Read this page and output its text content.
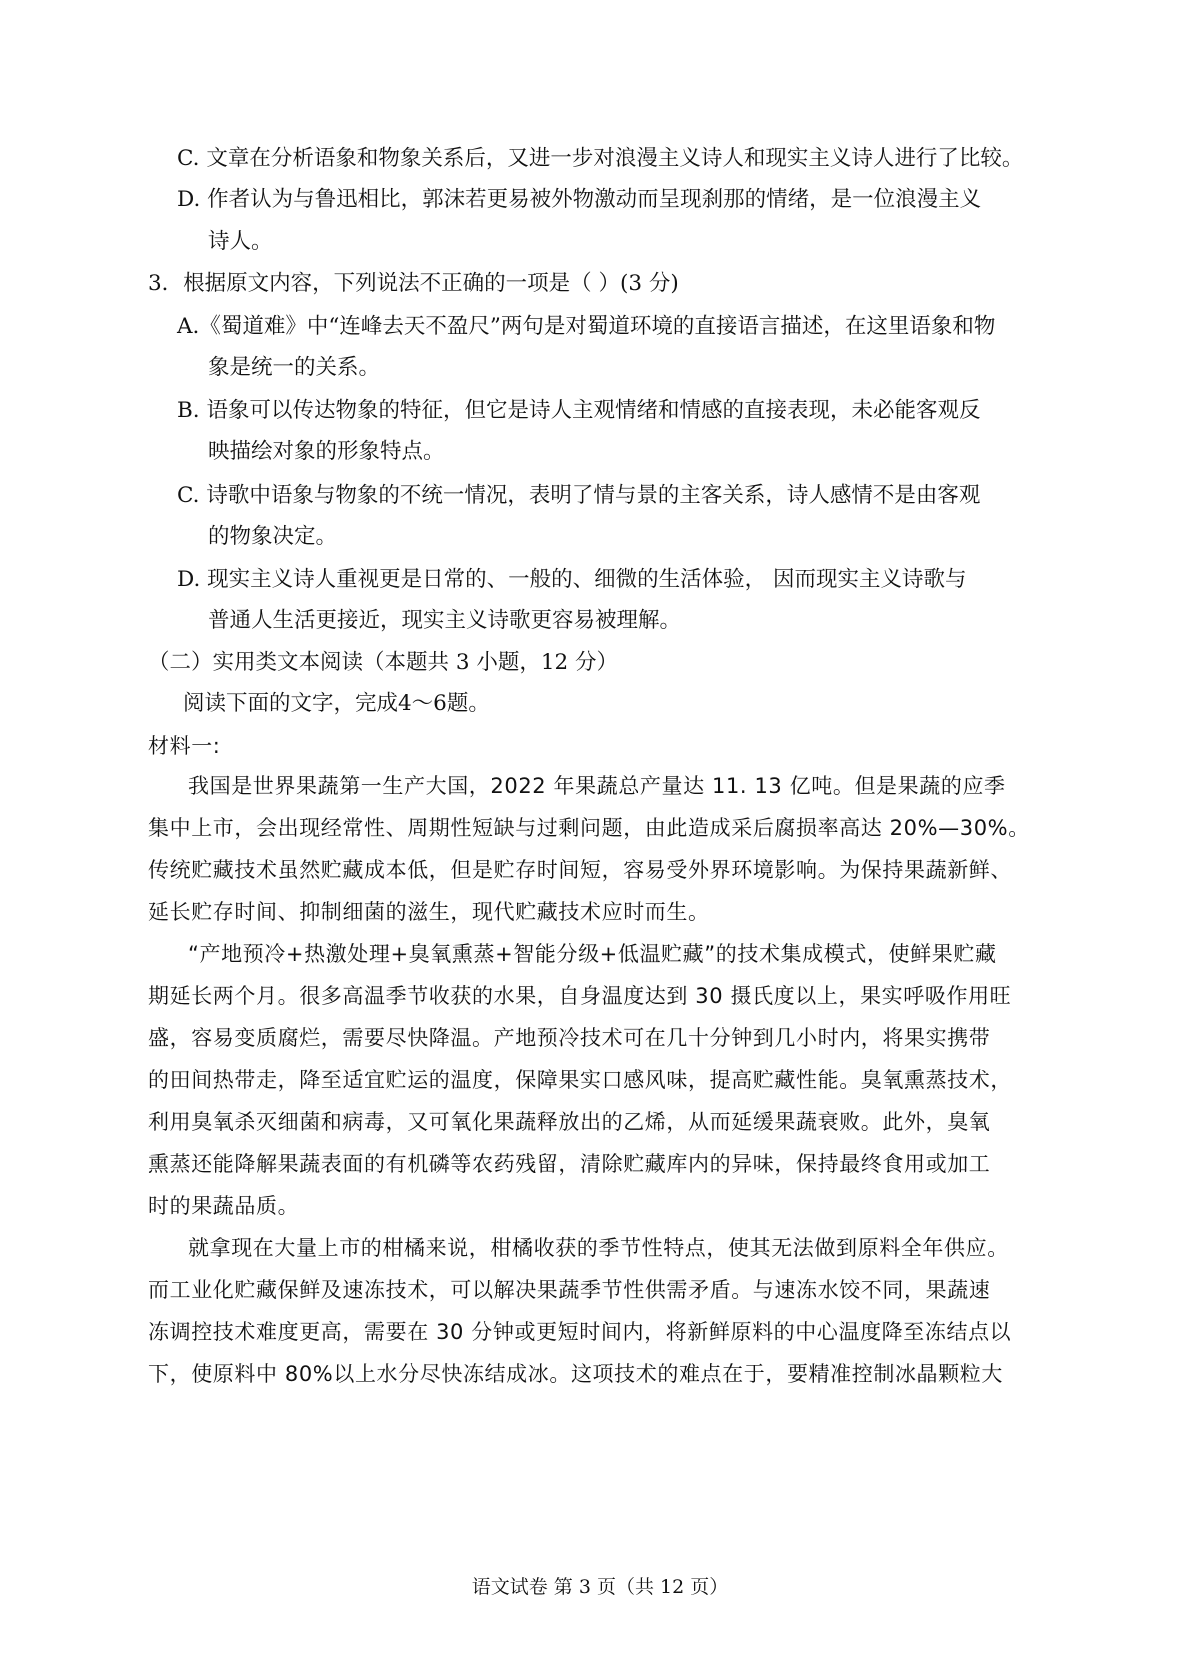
C. 文章在分析语象和物象关系后，又进一步对浪漫主义诗人和现实主义诗人进行了比较。
D. 作者认为与鲁迅相比，郭沫若更易被外物激动而呈现刹那的情绪，是一位浪漫主义
诗人。
3．根据原文内容，下列说法不正确的一项是（ ）(3 分)
A.《蜀道难》中“连峰去天不盈尺”两句是对蜀道环境的直接语言描述，在这里语象和物
象是统一的关系。
B. 语象可以传达物象的特征，但它是诗人主观情绪和情感的直接表现，未必能客观反
映描绘对象的形象特点。
C. 诗歌中语象与物象的不统一情况，表明了情与景的主客关系，诗人感情不是由客观
的物象决定。
D. 现实主义诗人重视更是日常的、一般的、细微的生活体验， 因而现实主义诗歌与
普通人生活更接近，现实主义诗歌更容易被理解。
（二）实用类文本阅读（本题共 3 小题，12 分）
阅读下面的文字，完成4～6题。
材料一:
我国是世界果蔬第一生产大国，2022 年果蔬总产量达 11. 13 亿吨。但是果蔬的应季
集中上市，会出现经常性、周期性短缺与过剩问题，由此造成采后腐损率高达 20%—30%。
传统贮藏技术虽然贮藏成本低，但是贮存时间短，容易受外界环境影响。为保持果蔬新鲜、
延长贮存时间、抑制细菌的滋生，现代贮藏技术应时而生。
“产地预冷+热激处理+臭氧熏蒸+智能分级+低温贮藏”的技术集成模式，使鲜果贮藏
期延长两个月。很多高温季节收获的水果，自身温度达到 30 摄氏度以上，果实呼吸作用旺
盛，容易变质腐烂，需要尽快降温。产地预冷技术可在几十分钟到几小时内，将果实携带
的田间热带走，降至适宜贮运的温度，保障果实口感风味，提高贮藏性能。臭氧熏蒸技术，
利用臭氧杀灭细菌和病毒，又可氧化果蔬释放出的乙烯，从而延缓果蔬衰败。此外，臭氧
熏蒸还能降解果蔬表面的有机磷等农药残留，清除贮藏库内的异味，保持最终食用或加工
时的果蔬品质。
就拿现在大量上市的柑橘来说，柑橘收获的季节性特点，使其无法做到原料全年供应。
而工业化贮藏保鲜及速冻技术，可以解决果蔬季节性供需矛盾。与速冻水饺不同，果蔬速
冻调控技术难度更高，需要在 30 分钟或更短时间内，将新鲜原料的中心温度降至冻结点以
下，使原料中 80%以上水分尽快冻结成冰。这项技术的难点在于，要精准控制冰晶颗粒大
语文试卷 第 3 页（共 12 页）
